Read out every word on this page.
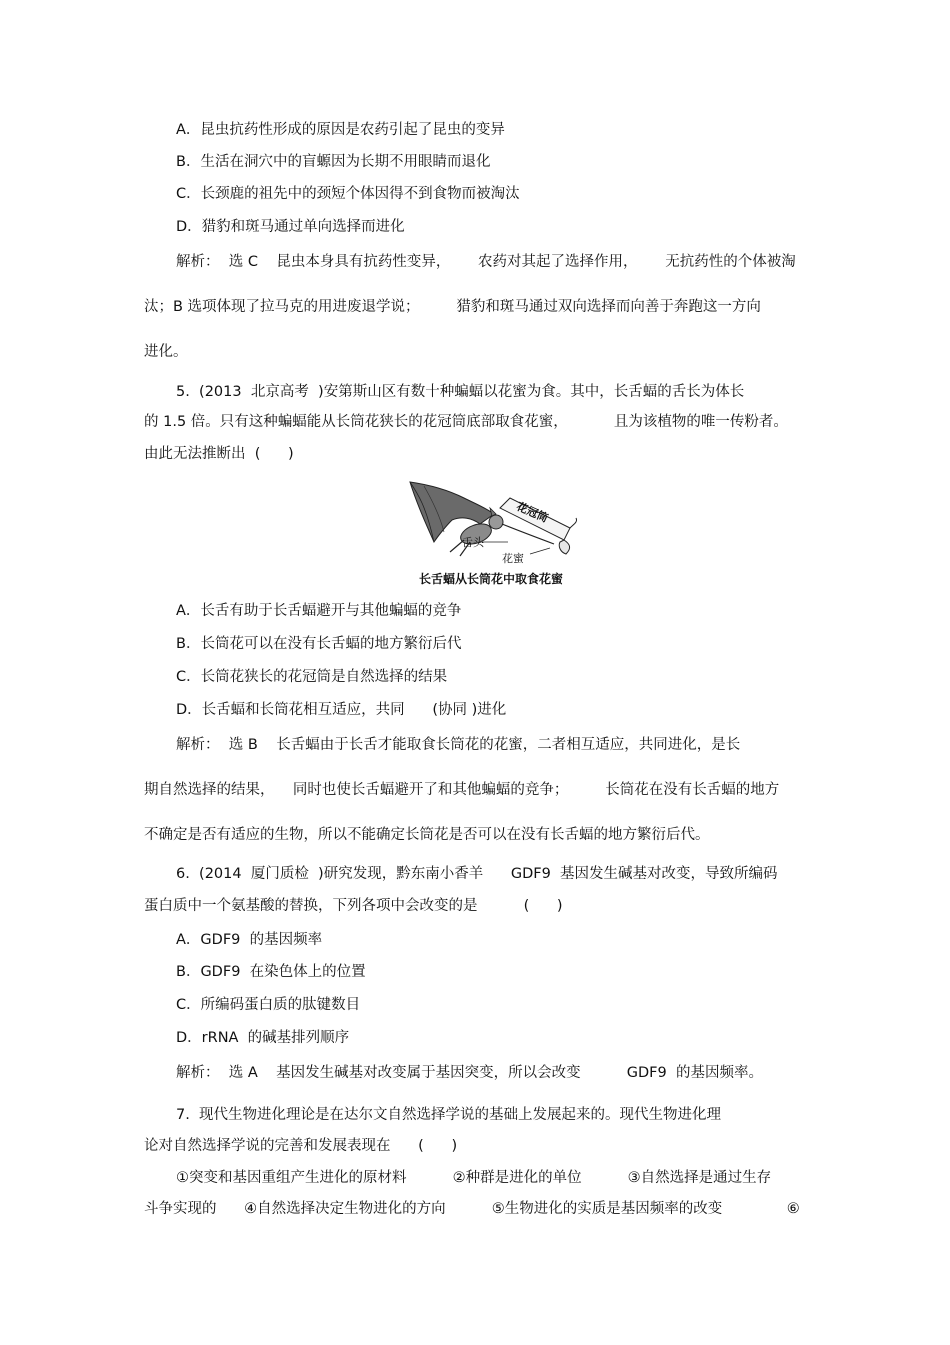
A．昆虫抗药性形成的原因是农药引起了昆虫的变异
B．生活在洞穴中的盲螈因为长期不用眼睛而退化
C．长颈鹿的祖先中的颈短个体因得不到食物而被淘汰
D．猎豹和斑马通过单向选择而进化
解析：  选 C    昆虫本身具有抗药性变异，      农药对其起了选择作用，      无抗药性的个体被淘
汰；B 选项体现了拉马克的用进废退学说；        猎豹和斑马通过双向选择而向善于奔跑这一方向
进化。
5.  (2013  北京高考  )安第斯山区有数十种蝙蝠以花蜜为食。其中，长舌蝠的舌长为体长
的 1.5 倍。只有这种蝙蝠能从长筒花狭长的花冠筒底部取食花蜜，          且为该植物的唯一传粉者。
由此无法推断出  (      )
花冠筒
舌头
花蜜
长舌蝠从长筒花中取食花蜜
A．长舌有助于长舌蝠避开与其他蝙蝠的竞争
B．长筒花可以在没有长舌蝠的地方繁衍后代
C．长筒花狭长的花冠筒是自然选择的结果
D．长舌蝠和长筒花相互适应，共同      (协同 )进化
解析：  选 B    长舌蝠由于长舌才能取食长筒花的花蜜，二者相互适应，共同进化，是长
期自然选择的结果，    同时也使长舌蝠避开了和其他蝙蝠的竞争；        长筒花在没有长舌蝠的地方
不确定是否有适应的生物，所以不能确定长筒花是否可以在没有长舌蝠的地方繁衍后代。
6.  (2014  厦门质检  )研究发现，黔东南小香羊      GDF9  基因发生碱基对改变，导致所编码
蛋白质中一个氨基酸的替换，下列各项中会改变的是          (      )
A．GDF9  的基因频率
B．GDF9  在染色体上的位置
C．所编码蛋白质的肽键数目
D．rRNA  的碱基排列顺序
解析：  选 A    基因发生碱基对改变属于基因突变，所以会改变          GDF9  的基因频率。
7.  现代生物进化理论是在达尔文自然选择学说的基础上发展起来的。现代生物进化理
论对自然选择学说的完善和发展表现在      (      )
①突变和基因重组产生进化的原材料          ②种群是进化的单位          ③自然选择是通过生存
斗争实现的      ④自然选择决定生物进化的方向          ⑤生物进化的实质是基因频率的改变              ⑥
